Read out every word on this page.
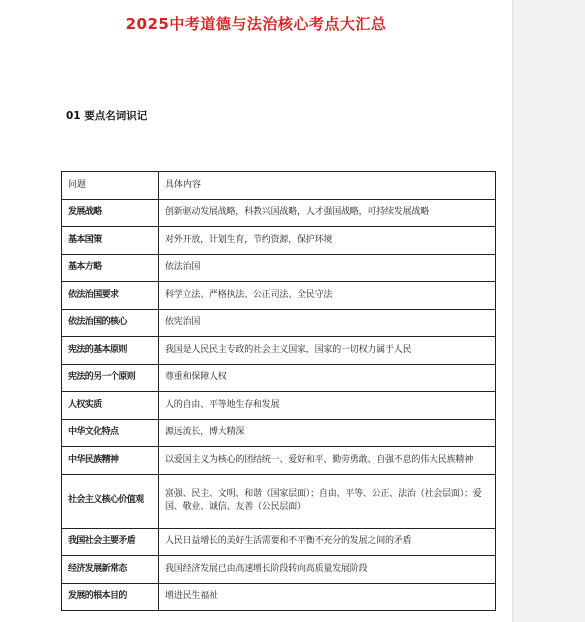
2025中考道德与法治核心考点大汇总
01 要点名词识记
问题	具体内容
发展战略	创新驱动发展战略，科教兴国战略，人才强国战略，可持续发展战略
基本国策	对外开放，计划生育，节约资源，保护环境
基本方略	依法治国
依法治国要求	科学立法、严格执法、公正司法、全民守法
依法治国的核心	依宪治国
宪法的基本原则	我国是人民民主专政的社会主义国家，国家的一切权力属于人民
宪法的另一个原则	尊重和保障人权
人权实质	人的自由、平等地生存和发展
中华文化特点	源远流长，博大精深
中华民族精神	以爱国主义为核心的团结统一、爱好和平、勤劳勇敢、自强不息的伟大民族精神
社会主义核心价值观	富强、民主、文明、和谐（国家层面）；自由、平等、公正、法治（社会层面）；爱国、敬业、诚信、友善（公民层面）
我国社会主要矛盾	人民日益增长的美好生活需要和不平衡不充分的发展之间的矛盾
经济发展新常态	我国经济发展已由高速增长阶段转向高质量发展阶段
发展的根本目的	增进民生福祉
